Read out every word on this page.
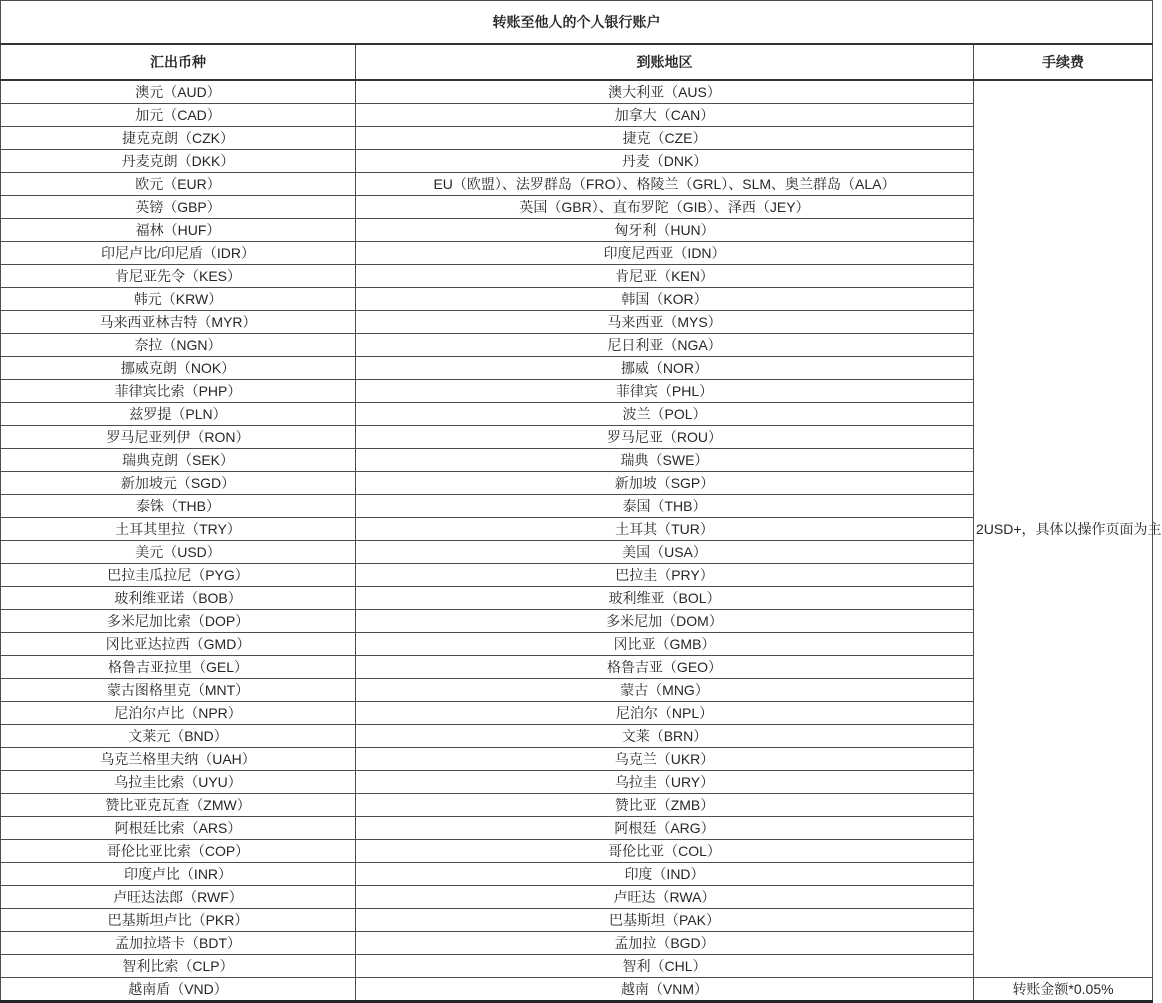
转账至他人的个人银行账户		
汇出币种	到账地区	手续费
澳元（AUD）	澳大利亚（AUS）	2USD+，具体以操作页面为主
加元（CAD）	加拿大（CAN）	
捷克克朗（CZK）	捷克（CZE）	
丹麦克朗（DKK）	丹麦（DNK）	
欧元（EUR）	EU（欧盟）、法罗群岛（FRO）、格陵兰（GRL）、SLM、奥兰群岛（ALA）	
英镑（GBP）	英国（GBR）、直布罗陀（GIB）、泽西（JEY）	
福林（HUF）	匈牙利（HUN）	
印尼卢比/印尼盾（IDR）	印度尼西亚（IDN）	
肯尼亚先令（KES）	肯尼亚（KEN）	
韩元（KRW）	韩国（KOR）	
马来西亚林吉特（MYR）	马来西亚（MYS）	
奈拉（NGN）	尼日利亚（NGA）	
挪威克朗（NOK）	挪威（NOR）	
菲律宾比索（PHP）	菲律宾（PHL）	
兹罗提（PLN）	波兰（POL）	
罗马尼亚列伊（RON）	罗马尼亚（ROU）	
瑞典克朗（SEK）	瑞典（SWE）	
新加坡元（SGD）	新加坡（SGP）	
泰铢（THB）	泰国（THB）	
土耳其里拉（TRY）	土耳其（TUR）	
美元（USD）	美国（USA）	
巴拉圭瓜拉尼（PYG）	巴拉圭（PRY）	
玻利维亚诺（BOB）	玻利维亚（BOL）	
多米尼加比索（DOP）	多米尼加（DOM）	
冈比亚达拉西（GMD）	冈比亚（GMB）	
格鲁吉亚拉里（GEL）	格鲁吉亚（GEO）	
蒙古图格里克（MNT）	蒙古（MNG）	
尼泊尔卢比（NPR）	尼泊尔（NPL）	
文莱元（BND）	文莱（BRN）	
乌克兰格里夫纳（UAH）	乌克兰（UKR）	
乌拉圭比索（UYU）	乌拉圭（URY）	
赞比亚克瓦查（ZMW）	赞比亚（ZMB）	
阿根廷比索（ARS）	阿根廷（ARG）	
哥伦比亚比索（COP）	哥伦比亚（COL）	
印度卢比（INR）	印度（IND）	
卢旺达法郎（RWF）	卢旺达（RWA）	
巴基斯坦卢比（PKR）	巴基斯坦（PAK）	
孟加拉塔卡（BDT）	孟加拉（BGD）	
智利比索（CLP）	智利（CHL）	
越南盾（VND）	越南（VNM）	转账金额*0.05%
